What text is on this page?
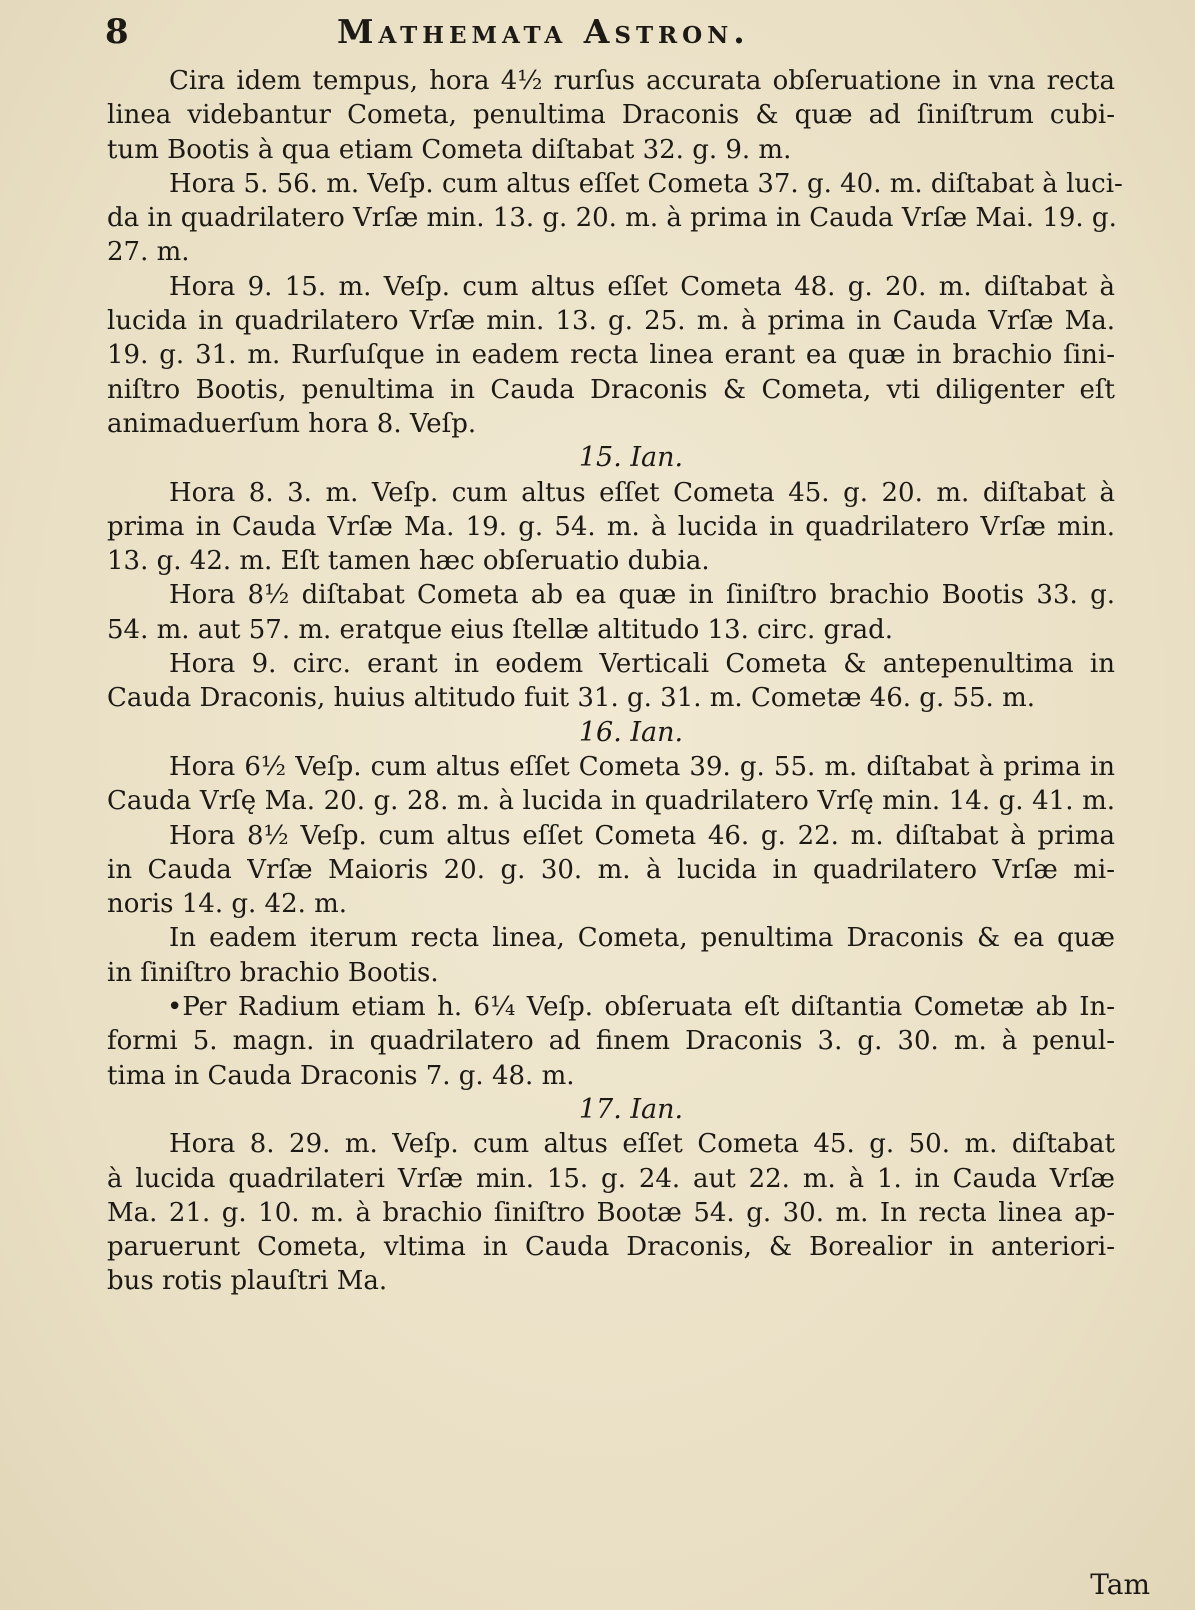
8	Mathemata Astron.
Cira idem tempus, hora 4½ rurſus accurata obſeruatione in vna recta
linea videbantur Cometa, penultima Draconis & quæ ad ſiniſtrum cubi-
tum Bootis à qua etiam Cometa diſtabat 32. g. 9. m.
Hora 5. 56. m. Veſp. cum altus eſſet Cometa 37. g. 40. m. diſtabat à luci-
da in quadrilatero Vrſæ min. 13. g. 20. m. à prima in Cauda Vrſæ Mai. 19. g.
27. m.
Hora 9. 15. m. Veſp. cum altus eſſet Cometa 48. g. 20. m. diſtabat à
lucida in quadrilatero Vrſæ min. 13. g. 25. m. à prima in Cauda Vrſæ Ma.
19. g. 31. m. Rurſuſque in eadem recta linea erant ea quæ in brachio ſini-
niſtro Bootis, penultima in Cauda Draconis & Cometa, vti diligenter eſt
animaduerſum hora 8. Veſp.
15. Ian.
Hora 8. 3. m. Veſp. cum altus eſſet Cometa 45. g. 20. m. diſtabat à
prima in Cauda Vrſæ Ma. 19. g. 54. m. à lucida in quadrilatero Vrſæ min.
13. g. 42. m. Eſt tamen hæc obſeruatio dubia.
Hora 8½ diſtabat Cometa ab ea quæ in ſiniſtro brachio Bootis 33. g.
54. m. aut 57. m. eratque eius ſtellæ altitudo 13. circ. grad.
Hora 9. circ. erant in eodem Verticali Cometa & antepenultima in
Cauda Draconis, huius altitudo fuit 31. g. 31. m. Cometæ 46. g. 55. m.
16. Ian.
Hora 6½ Veſp. cum altus eſſet Cometa 39. g. 55. m. diſtabat à prima in
Cauda Vrſę Ma. 20. g. 28. m. à lucida in quadrilatero Vrſę min. 14. g. 41. m.
Hora 8½ Veſp. cum altus eſſet Cometa 46. g. 22. m. diſtabat à prima
in Cauda Vrſæ Maioris 20. g. 30. m. à lucida in quadrilatero Vrſæ mi-
noris 14. g. 42. m.
In eadem iterum recta linea, Cometa, penultima Draconis & ea quæ
in ſiniſtro brachio Bootis.
•Per Radium etiam h. 6¼ Veſp. obſeruata eſt diſtantia Cometæ ab In-
formi 5. magn. in quadrilatero ad finem Draconis 3. g. 30. m. à penul-
tima in Cauda Draconis 7. g. 48. m.
17. Ian.
Hora 8. 29. m. Veſp. cum altus eſſet Cometa 45. g. 50. m. diſtabat
à lucida quadrilateri Vrſæ min. 15. g. 24. aut 22. m. à 1. in Cauda Vrſæ
Ma. 21. g. 10. m. à brachio ſiniſtro Bootæ 54. g. 30. m. In recta linea ap-
paruerunt Cometa, vltima in Cauda Draconis, & Borealior in anteriori-
bus rotis plauſtri Ma.
Tam
